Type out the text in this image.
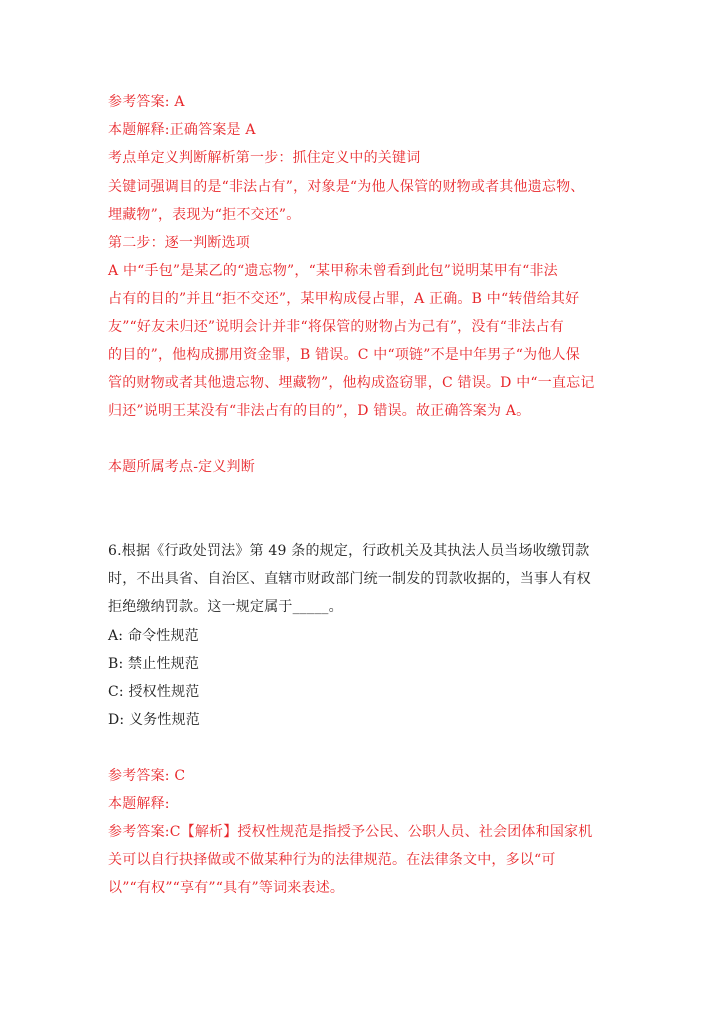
参考答案: A
本题解释:正确答案是 A
考点单定义判断解析第一步：抓住定义中的关键词
关键词强调目的是“非法占有”，对象是“为他人保管的财物或者其他遗忘物、
埋藏物”，表现为“拒不交还”。
第二步：逐一判断选项
A 中“手包”是某乙的“遗忘物”，“某甲称未曾看到此包”说明某甲有“非法
占有的目的”并且“拒不交还”，某甲构成侵占罪，A 正确。B 中“转借给其好
友”“好友未归还”说明会计并非“将保管的财物占为己有”，没有“非法占有
的目的”，他构成挪用资金罪，B 错误。C 中“项链”不是中年男子“为他人保
管的财物或者其他遗忘物、埋藏物”，他构成盗窃罪，C 错误。D 中“一直忘记
归还”说明王某没有“非法占有的目的”，D 错误。故正确答案为 A。
本题所属考点-定义判断
6.根据《行政处罚法》第 49 条的规定，行政机关及其执法人员当场收缴罚款
时，不出具省、自治区、直辖市财政部门统一制发的罚款收据的，当事人有权
拒绝缴纳罚款。这一规定属于_____。
A: 命令性规范
B: 禁止性规范
C: 授权性规范
D: 义务性规范
参考答案: C
本题解释:
参考答案:C【解析】授权性规范是指授予公民、公职人员、社会团体和国家机
关可以自行抉择做或不做某种行为的法律规范。在法律条文中，多以“可
以”“有权”“享有”“具有”等词来表述。
